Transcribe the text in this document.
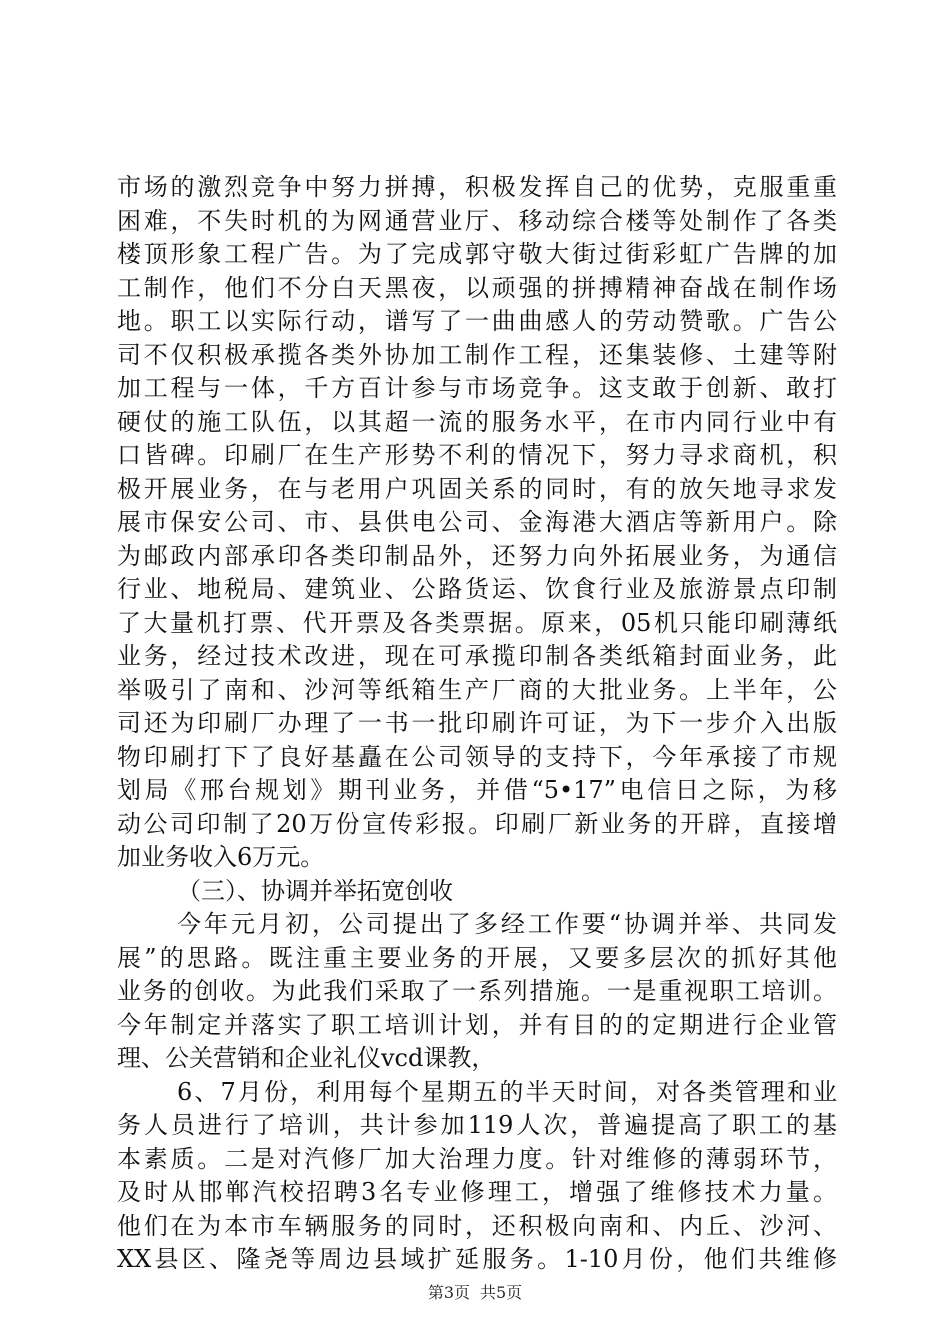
市场的激烈竞争中努力拼搏，积极发挥自己的优势，克服重重
困难，不失时机的为网通营业厅、移动综合楼等处制作了各类
楼顶形象工程广告。为了完成郭守敬大街过街彩虹广告牌的加
工制作，他们不分白天黑夜，以顽强的拼搏精神奋战在制作场
地。职工以实际行动，谱写了一曲曲感人的劳动赞歌。广告公
司不仅积极承揽各类外协加工制作工程，还集装修、土建等附
加工程与一体，千方百计参与市场竞争。这支敢于创新、敢打
硬仗的施工队伍，以其超一流的服务水平，在市内同行业中有
口皆碑。印刷厂在生产形势不利的情况下，努力寻求商机，积
极开展业务，在与老用户巩固关系的同时，有的放矢地寻求发
展市保安公司、市、县供电公司、金海港大酒店等新用户。除
为邮政内部承印各类印制品外，还努力向外拓展业务，为通信
行业、地税局、建筑业、公路货运、饮食行业及旅游景点印制
了大量机打票、代开票及各类票据。原来，05机只能印刷薄纸
业务，经过技术改进，现在可承揽印制各类纸箱封面业务，此
举吸引了南和、沙河等纸箱生产厂商的大批业务。上半年，公
司还为印刷厂办理了一书一批印刷许可证，为下一步介入出版
物印刷打下了良好基矗在公司领导的支持下，今年承接了市规
划局《邢台规划》期刊业务，并借“5•17”电信日之际，为移
动公司印制了20万份宣传彩报。印刷厂新业务的开辟，直接增
加业务收入6万元。
（三）、协调并举拓宽创收
今年元月初，公司提出了多经工作要“协调并举、共同发
展”的思路。既注重主要业务的开展，又要多层次的抓好其他
业务的创收。为此我们采取了一系列措施。一是重视职工培训。
今年制定并落实了职工培训计划，并有目的的定期进行企业管
理、公关营销和企业礼仪vcd课教，
6、7月份，利用每个星期五的半天时间，对各类管理和业
务人员进行了培训，共计参加119人次，普遍提高了职工的基
本素质。二是对汽修厂加大治理力度。针对维修的薄弱环节，
及时从邯郸汽校招聘3名专业修理工，增强了维修技术力量。
他们在为本市车辆服务的同时，还积极向南和、内丘、沙河、
XX县区、隆尧等周边县域扩延服务。1-10月份，他们共维修
第3页 共5页
